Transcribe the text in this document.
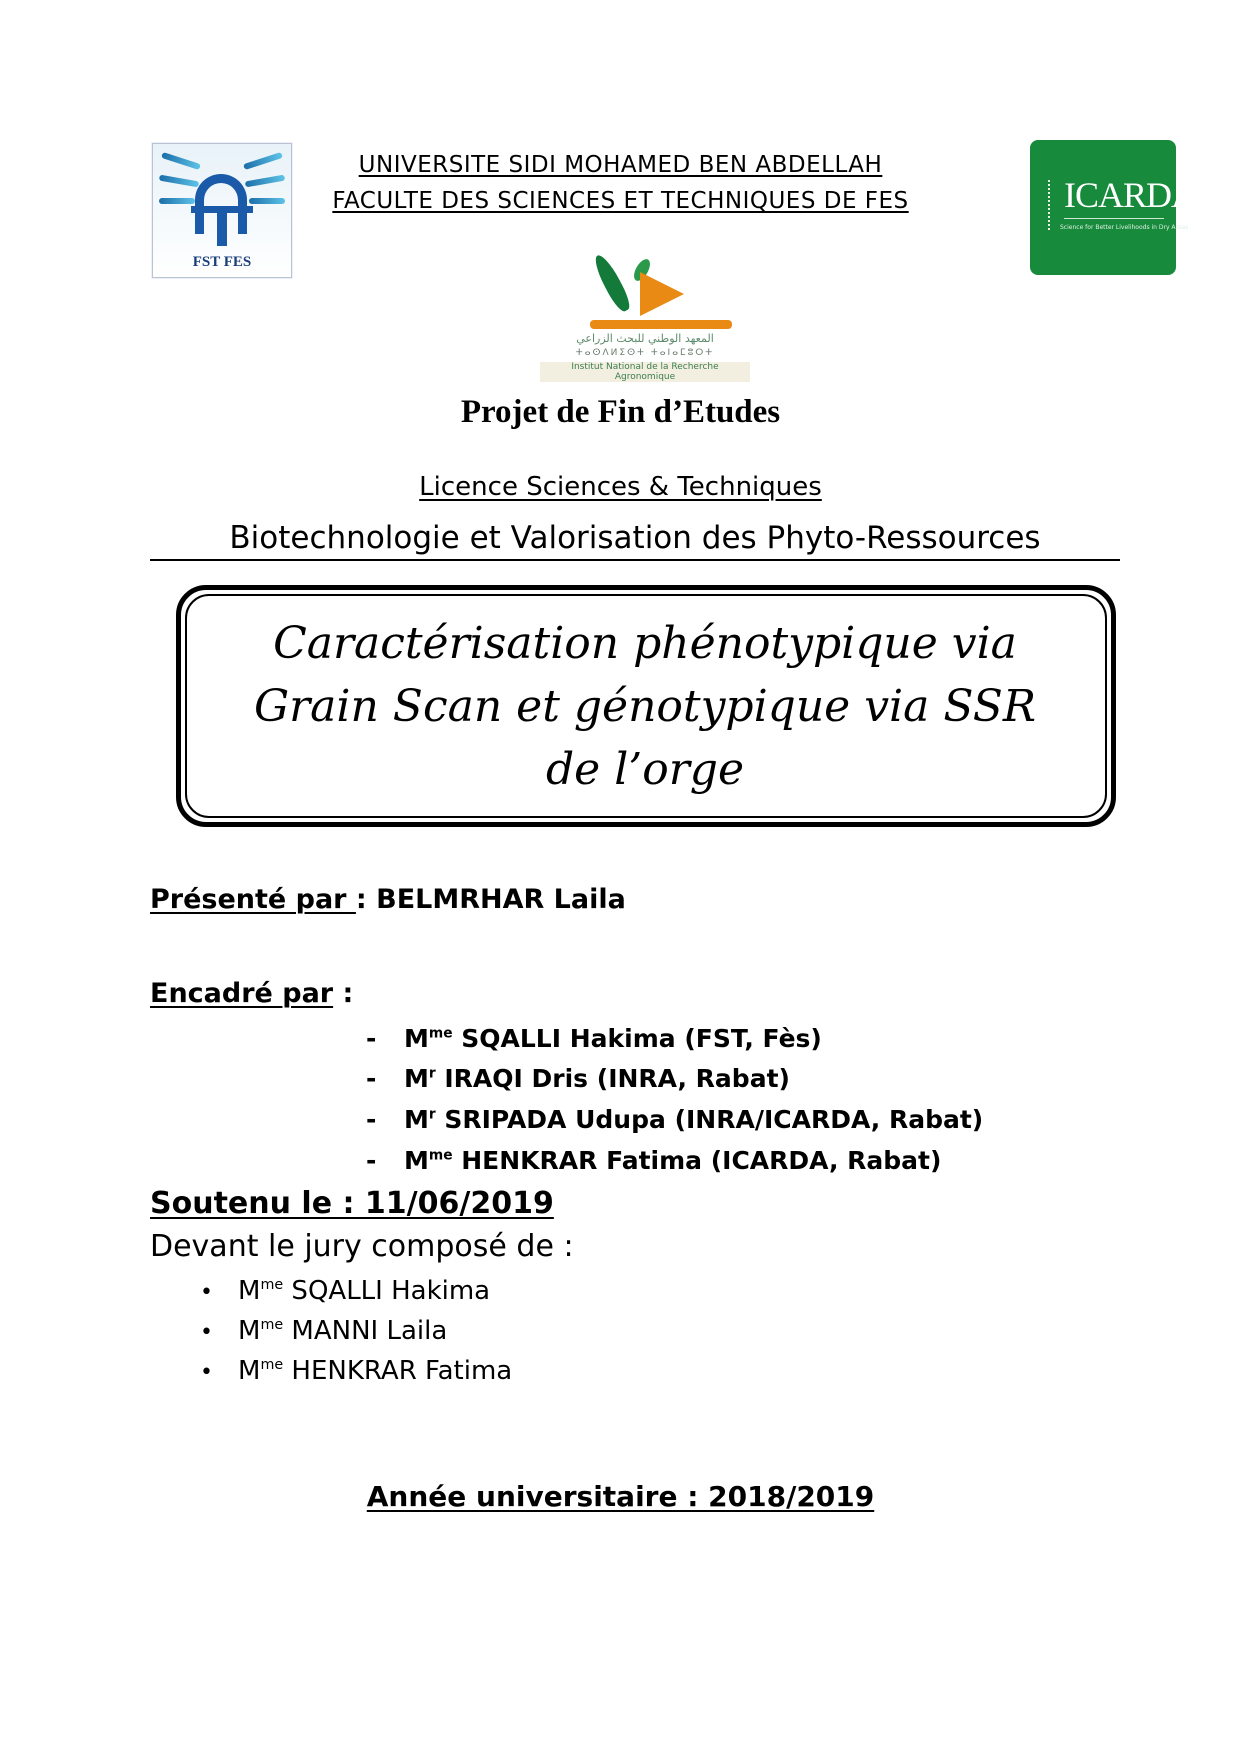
FST FES
UNIVERSITE SIDI MOHAMED BEN ABDELLAH
FACULTE DES SCIENCES ET TECHNIQUES DE FES	ICARDA
Science for Better Livelihoods in Dry Areas
المعهد الوطني للبحث الزراعي
ⵜⴰⵙⴷⵍⵉⵙⵜ ⵜⴰⵏⴰⵎⵓⵔⵜ
Institut National de la Recherche Agronomique
Projet de Fin d’Etudes
Licence Sciences & Techniques
Biotechnologie et Valorisation des Phyto-Ressources
Caractérisation phénotypique via
Grain Scan et génotypique via SSR
de l’orge
Présenté par : BELMRHAR Laila
Encadré par :
- $M^{me}$ SQALLI Hakima (FST, Fès)
- $M^r$ IRAQI Dris (INRA, Rabat)
- $M^r$ SRIPADA Udupa (INRA/ICARDA, Rabat)
- $M^{me}$ HENKRAR Fatima (ICARDA, Rabat)
Soutenu le : 11/06/2019
Devant le jury composé de :
• $M^{me}$ SQALLI Hakima
• $M^{me}$ MANNI Laila
• $M^{me}$ HENKRAR Fatima
Année universitaire : 2018/2019
